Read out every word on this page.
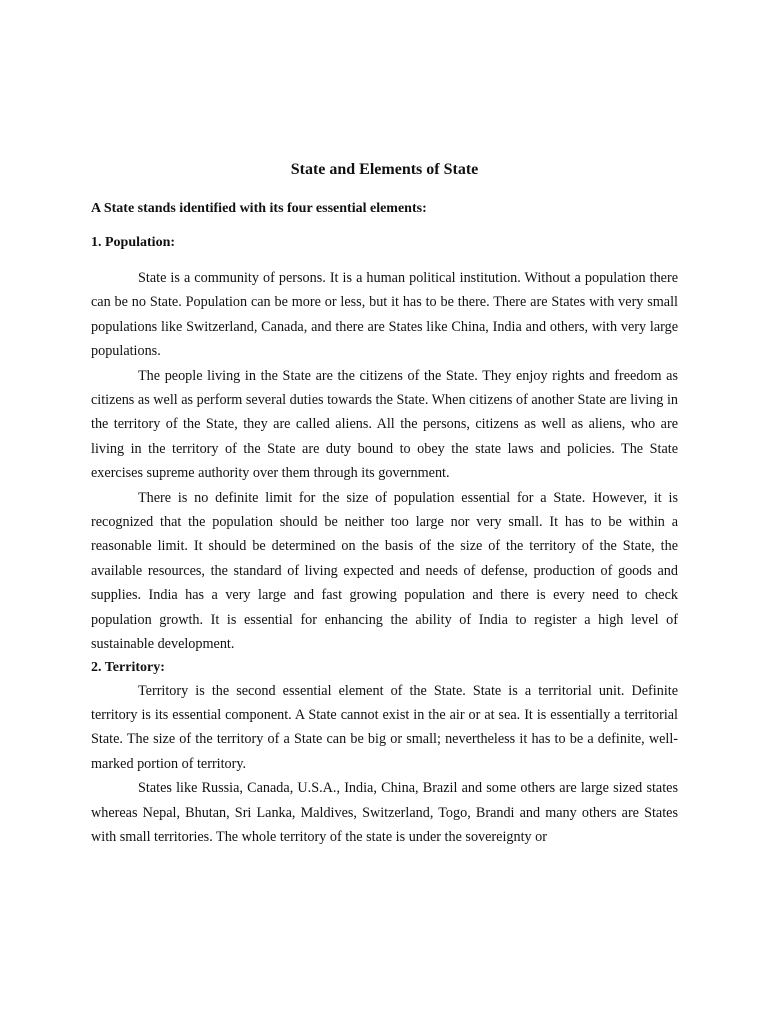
State and Elements of State
A State stands identified with its four essential elements:
1. Population:

State is a community of persons. It is a human political institution. Without a population there can be no State. Population can be more or less, but it has to be there. There are States with very small populations like Switzerland, Canada, and there are States like China, India and others, with very large populations.

The people living in the State are the citizens of the State. They enjoy rights and freedom as citizens as well as perform several duties towards the State. When citizens of another State are living in the territory of the State, they are called aliens. All the persons, citizens as well as aliens, who are living in the territory of the State are duty bound to obey the state laws and policies. The State exercises supreme authority over them through its government.

There is no definite limit for the size of population essential for a State. However, it is recognized that the population should be neither too large nor very small. It has to be within a reasonable limit. It should be determined on the basis of the size of the territory of the State, the available resources, the standard of living expected and needs of defense, production of goods and supplies. India has a very large and fast growing population and there is every need to check population growth. It is essential for enhancing the ability of India to register a high level of sustainable development.

2. Territory:

Territory is the second essential element of the State. State is a territorial unit. Definite territory is its essential component. A State cannot exist in the air or at sea. It is essentially a territorial State. The size of the territory of a State can be big or small; nevertheless it has to be a definite, well-marked portion of territory.

States like Russia, Canada, U.S.A., India, China, Brazil and some others are large sized states whereas Nepal, Bhutan, Sri Lanka, Maldives, Switzerland, Togo, Brandi and many others are States with small territories. The whole territory of the state is under the sovereignty or
